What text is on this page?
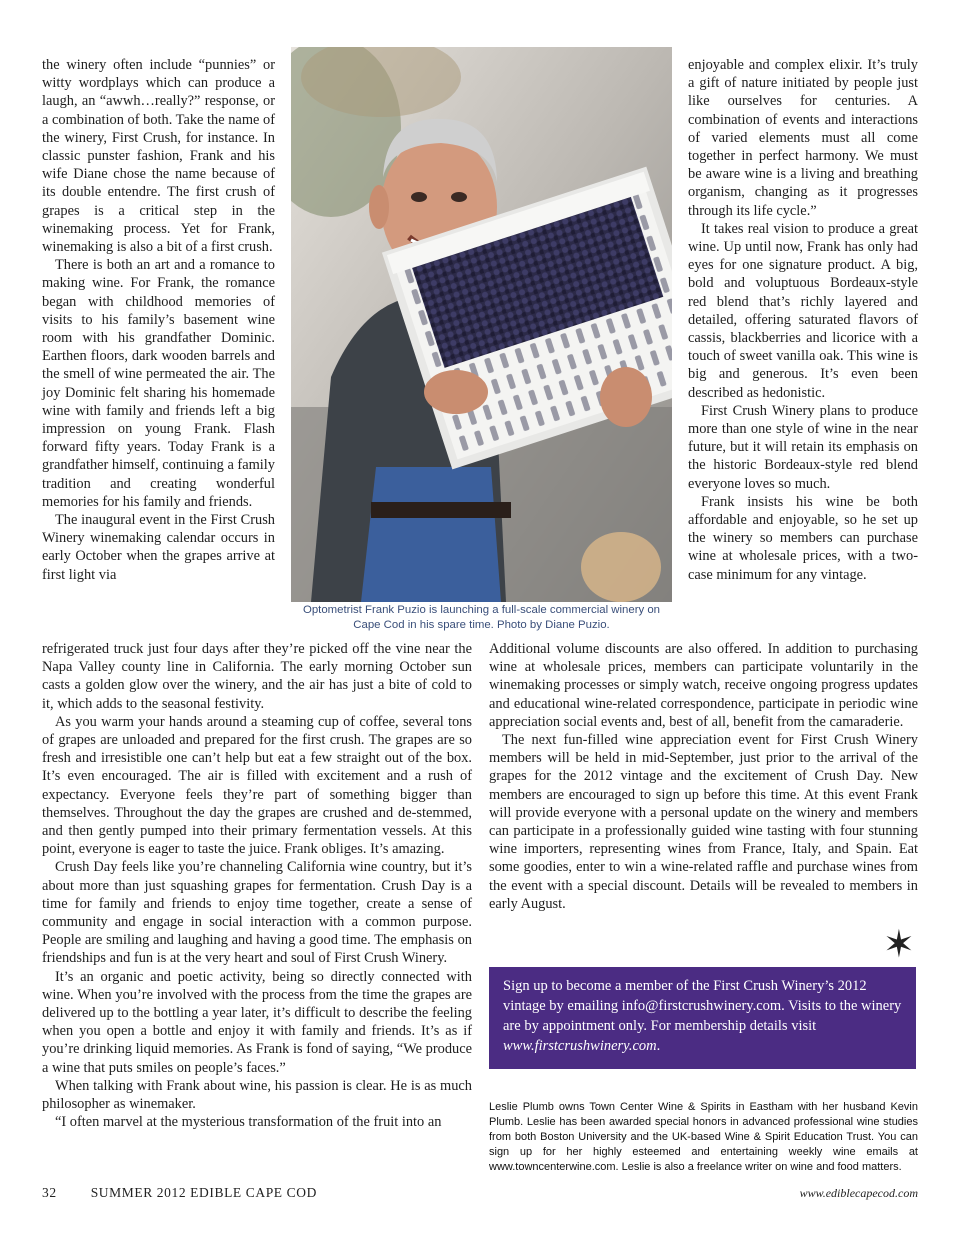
the winery often include “punnies” or witty wordplays which can produce a laugh, an “awwh…really?” response, or a combination of both. Take the name of the winery, First Crush, for instance. In classic punster fashion, Frank and his wife Diane chose the name because of its double entendre. The first crush of grapes is a critical step in the winemaking process. Yet for Frank, winemaking is also a bit of a first crush.

There is both an art and a romance to making wine. For Frank, the romance began with childhood memories of visits to his family’s basement wine room with his grandfather Dominic. Earthen floors, dark wooden barrels and the smell of wine permeated the air. The joy Dominic felt sharing his homemade wine with family and friends left a big impression on young Frank. Flash forward fifty years. Today Frank is a grandfather himself, continuing a family tradition and creating wonderful memories for his family and friends.

The inaugural event in the First Crush Winery winemaking calendar occurs in early October when the grapes arrive at first light via

Optometrist Frank Puzio is launching a full-scale commercial winery on Cape Cod in his spare time. Photo by Diane Puzio.

enjoyable and complex elixir. It’s truly a gift of nature initiated by people just like ourselves for centuries. A combination of events and interactions of varied elements must all come together in perfect harmony. We must be aware wine is a living and breathing organism, changing as it progresses through its life cycle.”

It takes real vision to produce a great wine. Up until now, Frank has only had eyes for one signature product. A big, bold and voluptuous Bordeaux-style red blend that’s richly layered and detailed, offering saturated flavors of cassis, blackberries and licorice with a touch of sweet vanilla oak. This wine is big and generous. It’s even been described as hedonistic.

First Crush Winery plans to produce more than one style of wine in the near future, but it will retain its emphasis on the historic Bordeaux-style red blend everyone loves so much.

Frank insists his wine be both affordable and enjoyable, so he set up the winery so members can purchase wine at wholesale prices, with a two-case minimum for any vintage.

refrigerated truck just four days after they’re picked off the vine near the Napa Valley county line in California. The early morning October sun casts a golden glow over the winery, and the air has just a bite of cold to it, which adds to the seasonal festivity.

As you warm your hands around a steaming cup of coffee, several tons of grapes are unloaded and prepared for the first crush. The grapes are so fresh and irresistible one can’t help but eat a few straight out of the box. It’s even encouraged. The air is filled with excitement and a rush of expectancy. Everyone feels they’re part of something bigger than themselves. Throughout the day the grapes are crushed and de-stemmed, and then gently pumped into their primary fermentation vessels. At this point, everyone is eager to taste the juice. Frank obliges. It’s amazing.

Crush Day feels like you’re channeling California wine country, but it’s about more than just squashing grapes for fermentation. Crush Day is a time for family and friends to enjoy time together, create a sense of community and engage in social interaction with a common purpose. People are smiling and laughing and having a good time. The emphasis on friendships and fun is at the very heart and soul of First Crush Winery.

It’s an organic and poetic activity, being so directly connected with wine. When you’re involved with the process from the time the grapes are delivered up to the bottling a year later, it’s difficult to describe the feeling when you open a bottle and enjoy it with family and friends. It’s as if you’re drinking liquid memories. As Frank is fond of saying, “We produce a wine that puts smiles on people’s faces.”

When talking with Frank about wine, his passion is clear. He is as much philosopher as winemaker.

“I often marvel at the mysterious transformation of the fruit into an

Additional volume discounts are also offered. In addition to purchasing wine at wholesale prices, members can participate voluntarily in the winemaking processes or simply watch, receive ongoing progress updates and educational wine-related correspondence, participate in periodic wine appreciation social events and, best of all, benefit from the camaraderie.

The next fun-filled wine appreciation event for First Crush Winery members will be held in mid-September, just prior to the arrival of the grapes for the 2012 vintage and the excitement of Crush Day. New members are encouraged to sign up before this time. At this event Frank will provide everyone with a personal update on the winery and members can participate in a professionally guided wine tasting with four stunning wine importers, representing wines from France, Italy, and Spain. Eat some goodies, enter to win a wine-related raffle and purchase wines from the event with a special discount. Details will be revealed to members in early August.

✶
Sign up to become a member of the First Crush Winery’s 2012 vintage by emailing info@firstcrushwinery.com. Visits to the winery are by appointment only. For membership details visit www.firstcrushwinery.com.
Leslie Plumb owns Town Center Wine & Spirits in Eastham with her husband Kevin Plumb. Leslie has been awarded special honors in advanced professional wine studies from both Boston University and the UK-based Wine & Spirit Education Trust. You can sign up for her highly esteemed and entertaining weekly wine emails at www.towncenterwine.com. Leslie is also a freelance writer on wine and food matters.
32	SUMMER 2012 EDIBLE CAPE COD	www.ediblecapecod.com
